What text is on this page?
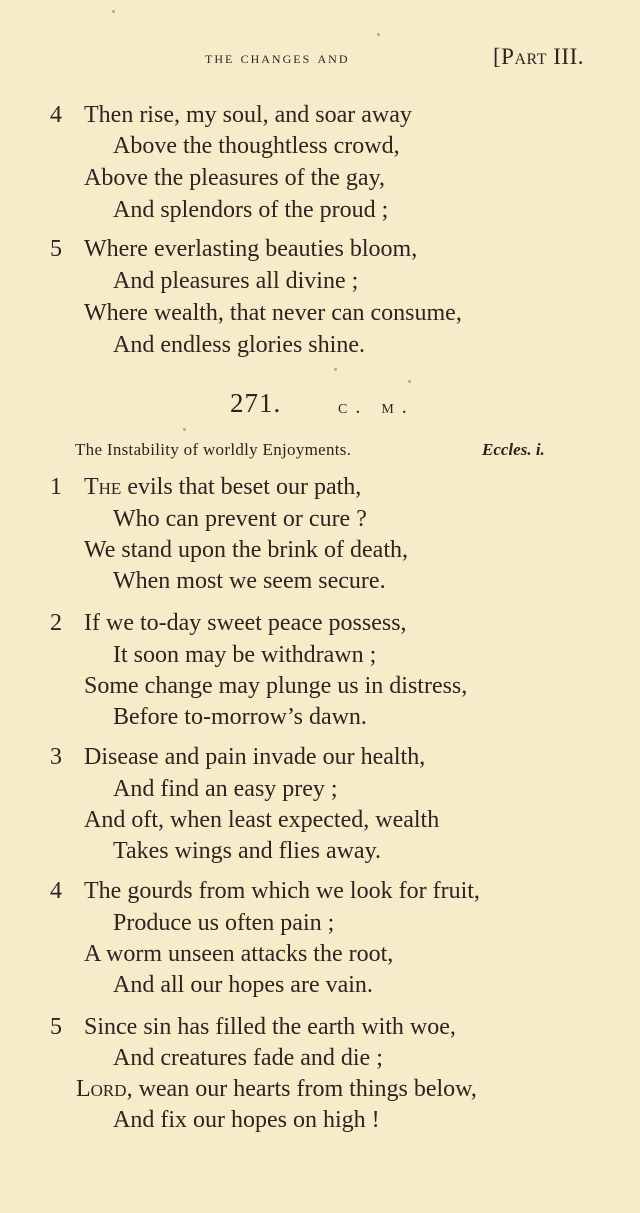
the changes and	[Part III.
4 Then rise, my soul, and soar away
Above the thoughtless crowd,
Above the pleasures of the gay,
And splendors of the proud ;
5 Where everlasting beauties bloom,
And pleasures all divine ;
Where wealth, that never can consume,
And endless glories shine.
271.	c. m.
The Instability of worldly Enjoyments.	Eccles. i.
1 The evils that beset our path,
Who can prevent or cure ?
We stand upon the brink of death,
When most we seem secure.
2 If we to-day sweet peace possess,
It soon may be withdrawn ;
Some change may plunge us in distress,
Before to-morrow’s dawn.
3 Disease and pain invade our health,
And find an easy prey ;
And oft, when least expected, wealth
Takes wings and flies away.
4 The gourds from which we look for fruit,
Produce us often pain ;
A worm unseen attacks the root,
And all our hopes are vain.
5 Since sin has filled the earth with woe,
And creatures fade and die ;
Lord, wean our hearts from things below,
And fix our hopes on high !
